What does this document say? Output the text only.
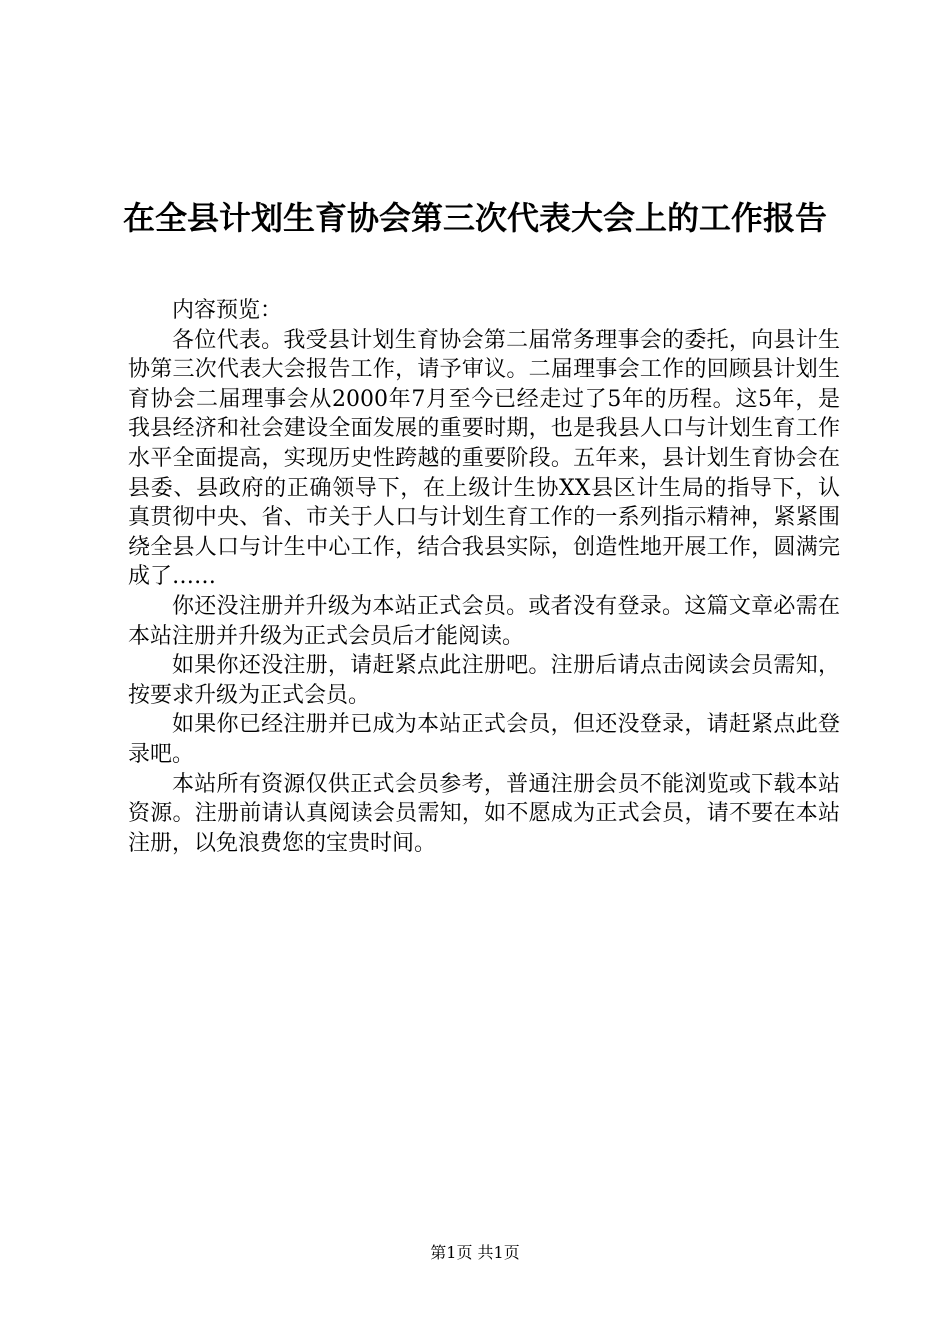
在全县计划生育协会第三次代表大会上的工作报告

内容预览：

各位代表。我受县计划生育协会第二届常务理事会的委托，向县计生协第三次代表大会报告工作，请予审议。二届理事会工作的回顾县计划生育协会二届理事会从2000年7月至今已经走过了5年的历程。这5年，是我县经济和社会建设全面发展的重要时期，也是我县人口与计划生育工作水平全面提高，实现历史性跨越的重要阶段。五年来，县计划生育协会在县委、县政府的正确领导下，在上级计生协XX县区计生局的指导下，认真贯彻中央、省、市关于人口与计划生育工作的一系列指示精神，紧紧围绕全县人口与计生中心工作，结合我县实际，创造性地开展工作，圆满完成了……

你还没注册并升级为本站正式会员。或者没有登录。这篇文章必需在本站注册并升级为正式会员后才能阅读。

如果你还没注册，请赶紧点此注册吧。注册后请点击阅读会员需知，按要求升级为正式会员。

如果你已经注册并已成为本站正式会员，但还没登录，请赶紧点此登录吧。

本站所有资源仅供正式会员参考，普通注册会员不能浏览或下载本站资源。注册前请认真阅读会员需知，如不愿成为正式会员，请不要在本站注册，以免浪费您的宝贵时间。

第1页 共1页
